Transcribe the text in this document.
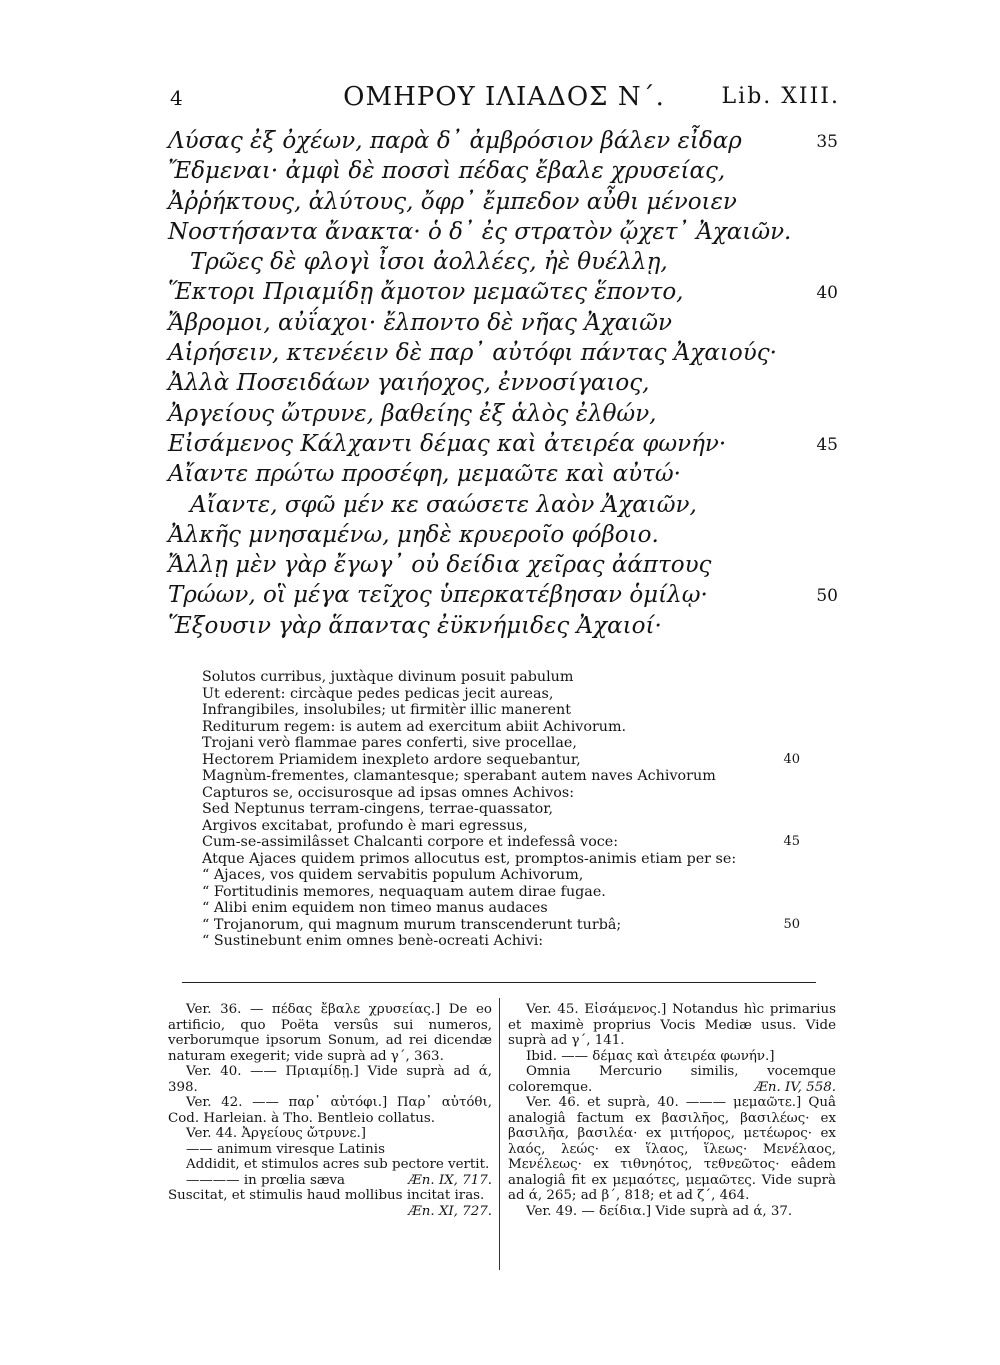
4	ΟΜΗΡΟΥ ΙΛΙΑΔΟΣ Ν΄.	Lib. XIII.
Λύσας ἐξ ὀχέων, παρὰ δ᾽ ἀμβρόσιον βάλεν εἶδαρ	35
Ἔδμεναι· ἀμφὶ δὲ ποσσὶ πέδας ἔβαλε χρυσείας,
Ἀῤῥήκτους, ἀλύτους, ὄφρ᾽ ἔμπεδον αὖθι μένοιεν
Νοστήσαντα ἄνακτα· ὁ δ᾽ ἐς στρατὸν ᾤχετ᾽ Ἀχαιῶν.
Τρῶες δὲ φλογὶ ἶσοι ἀολλέες, ἠὲ θυέλλῃ,
Ἕκτορι Πριαμίδῃ ἄμοτον μεμαῶτες ἕποντο,	40
Ἄβρομοι, αὐΐαχοι· ἔλποντο δὲ νῆας Ἀχαιῶν
Αἱρήσειν, κτενέειν δὲ παρ᾽ αὐτόφι πάντας Ἀχαιούς·
Ἀλλὰ Ποσειδάων γαιήοχος, ἐννοσίγαιος,
Ἀργείους ὤτρυνε, βαθείης ἐξ ἁλὸς ἐλθών,
Εἰσάμενος Κάλχαντι δέμας καὶ ἀτειρέα φωνήν·	45
Αἴαντε πρώτω προσέφη, μεμαῶτε καὶ αὐτώ·
Αἴαντε, σφῶ μέν κε σαώσετε λαὸν Ἀχαιῶν,
Ἀλκῆς μνησαμένω, μηδὲ κρυεροῖο φόβοιο.
Ἄλλῃ μὲν γὰρ ἔγωγ᾽ οὐ δείδια χεῖρας ἀάπτους
Τρώων, οἳ μέγα τεῖχος ὑπερκατέβησαν ὁμίλῳ·	50
Ἕξουσιν γὰρ ἅπαντας ἐϋκνήμιδες Ἀχαιοί·
Solutos curribus, juxtàque divinum posuit pabulum
Ut ederent: circàque pedes pedicas jecit aureas,
Infrangibiles, insolubiles; ut firmitèr illic manerent
Rediturum regem: is autem ad exercitum abiit Achivorum.
Trojani verò flammae pares conferti, sive procellae,
Hectorem Priamidem inexpleto ardore sequebantur,	40
Magnùm-frementes, clamantesque; sperabant autem naves Achivorum
Capturos se, occisurosque ad ipsas omnes Achivos:
Sed Neptunus terram-cingens, terrae-quassator,
Argivos excitabat, profundo è mari egressus,
Cum-se-assimilâsset Chalcanti corpore et indefessâ voce:	45
Atque Ajaces quidem primos allocutus est, promptos-animis etiam per se:
“ Ajaces, vos quidem servabitis populum Achivorum,
“ Fortitudinis memores, nequaquam autem dirae fugae.
“ Alibi enim equidem non timeo manus audaces
“ Trojanorum, qui magnum murum transcenderunt turbâ;	50
“ Sustinebunt enim omnes benè-ocreati Achivi:

Ver. 36. — πέδας ἔβαλε χρυσείας.] De eo artificio, quo Poëta versûs sui numeros, verborumque ipsorum Sonum, ad rei dicendæ naturam exegerit; vide suprà ad γ΄, 363.

Ver. 40. —— Πριαμίδῃ.] Vide suprà ad ά, 398.

Ver. 42. —— παρ᾽ αὐτόφι.] Παρ᾽ αὐτόθι, Cod. Harleian. à Tho. Bentleio collatus.

Ver. 44. Ἀργείους ὤτρυνε.]

—— animum viresque Latinis

Addidit, et stimulos acres sub pectore vertit.
Æn. IX, 717.

———— in prœlia sæva

Suscitat, et stimulis haud mollibus incitat iras.
Æn. XI, 727.

Ver. 45. Εἰσάμενος.] Notandus hìc primarius et maximè proprius Vocis Mediæ usus. Vide suprà ad γ΄, 141.

Ibid. —— δέμας καὶ ἀτειρέα φωνήν.]

Omnia Mercurio similis, vocemque coloremque.	Æn. IV, 558.

Ver. 46. et suprà, 40. ——— μεμαῶτε.] Quâ analogiâ factum ex βασιλῆος, βασιλέως· ex βασιλῆα, βασιλέα· ex μιτήορος, μετέωρος· ex λαός, λεώς· ex ἵλαος, ἵλεως· Μενέλαος, Μενέλεως· ex τιθνηότος, τεθνεῶτος· eâdem analogiâ fit ex μεμαότες, μεμαῶτες. Vide suprà ad ά, 265; ad β΄, 818; et ad ζ΄, 464.

Ver. 49. — δείδια.] Vide suprà ad ά, 37.
